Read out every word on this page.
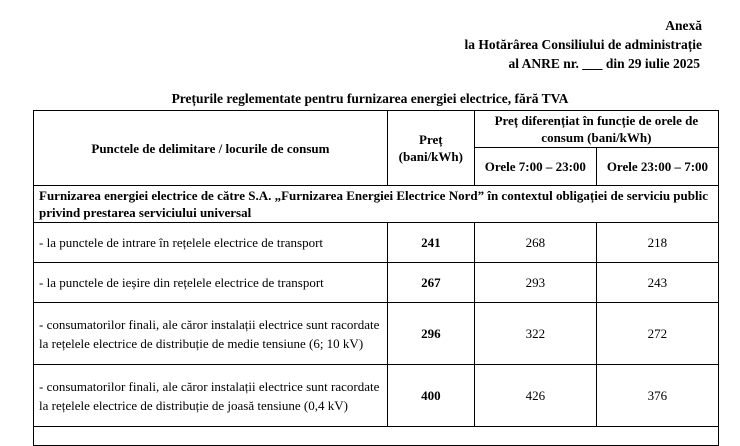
Anexă
la Hotărârea Consiliului de administrație
al ANRE nr. ___ din 29 iulie 2025
Prețurile reglementate pentru furnizarea energiei electrice, fără TVA
Punctele de delimitare / locurile de consum	Preț (bani/kWh)	Preț diferențiat în funcție de orele de consum (bani/kWh)	
		Orele 7:00 – 23:00	Orele 23:00 – 7:00
Furnizarea energiei electrice de către S.A. „Furnizarea Energiei Electrice Nord” în contextul obligației de serviciu public privind prestarea serviciului universal			
- la punctele de intrare în rețelele electrice de transport	241	268	218
- la punctele de ieșire din rețelele electrice de transport	267	293	243
- consumatorilor finali, ale căror instalații electrice sunt racordate la rețelele electrice de distribuție de medie tensiune (6; 10 kV)	296	322	272
- consumatorilor finali, ale căror instalații electrice sunt racordate la rețelele electrice de distribuție de joasă tensiune (0,4 kV)	400	426	376
